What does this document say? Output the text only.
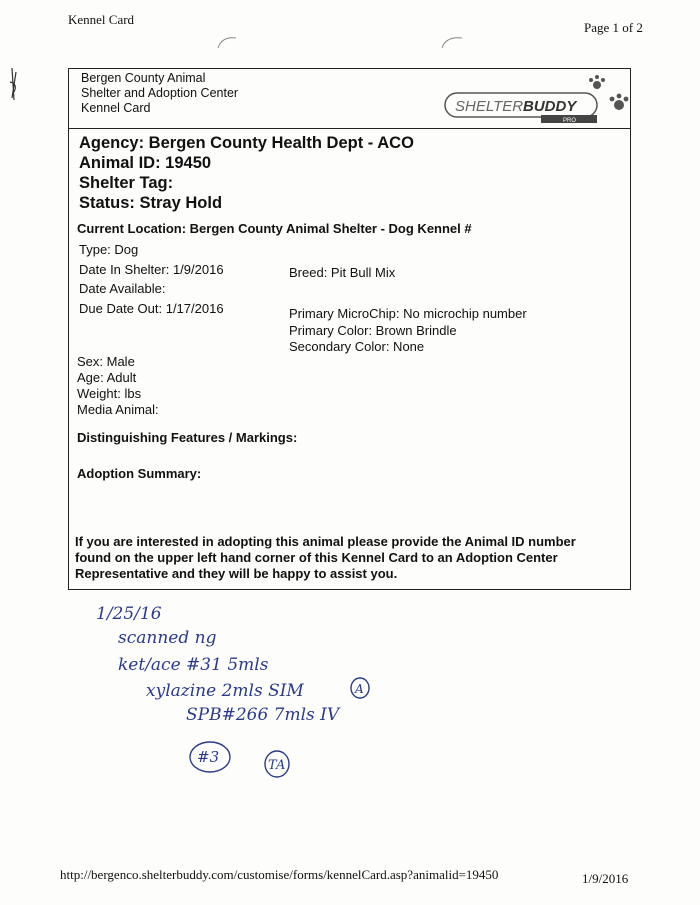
Kennel Card
Page 1 of 2
Bergen County Animal
Shelter and Adoption Center
Kennel Card	SHELTER BUDDY
PRO
Agency: Bergen County Health Dept - ACO
Animal ID: 19450
Shelter Tag:
Status: Stray Hold
Current Location: Bergen County Animal Shelter - Dog Kennel #
Type: Dog
Date In Shelter: 1/9/2016	Breed: Pit Bull Mix
Date Available:
Due Date Out: 1/17/2016	Primary MicroChip: No microchip number
Primary Color: Brown Brindle
Secondary Color: None
Sex: Male
Age: Adult
Weight: lbs
Media Animal:
Distinguishing Features / Markings:
Adoption Summary:
If you are interested in adopting this animal please provide the Animal ID number found on the upper left hand corner of this Kennel Card to an Adoption Center Representative and they will be happy to assist you.
1/25/16
scanned ng
ket/ace #31 5mls
xylazine 2mls SIM
SPB#266 7mls IV
#3	TA
A
http://bergenco.shelterbuddy.com/customise/forms/kennelCard.asp?animalid=19450	1/9/2016
